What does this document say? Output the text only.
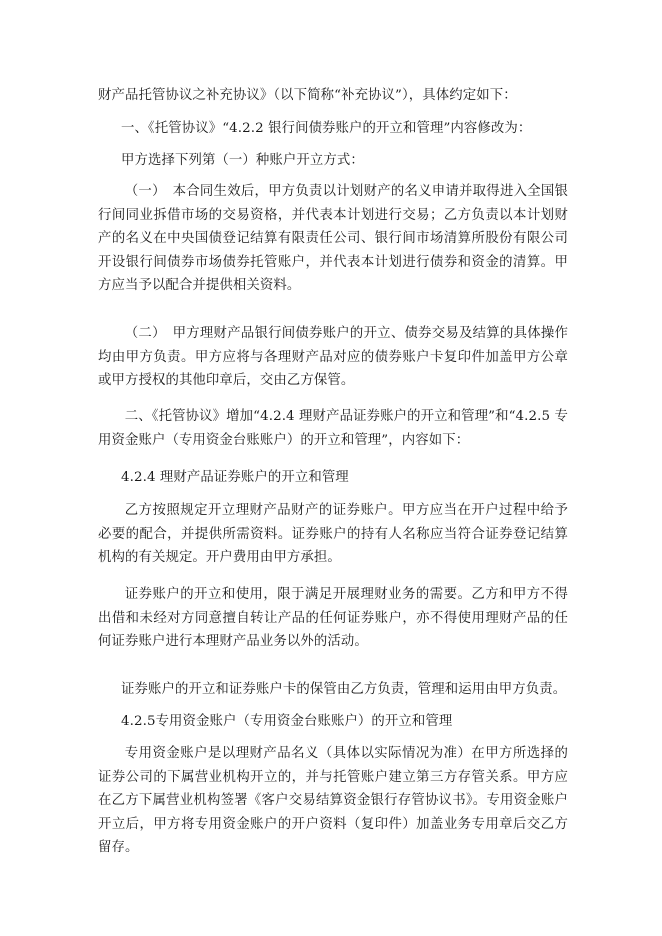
财产品托管协议之补充协议》（以下简称“补充协议”），具体约定如下：

一、《托管协议》“4.2.2 银行间债券账户的开立和管理”内容修改为：

甲方选择下列第（一）种账户开立方式：

（一）　本合同生效后，甲方负责以计划财产的名义申请并取得进入全国银行间同业拆借市场的交易资格，并代表本计划进行交易；乙方负责以本计划财产的名义在中央国债登记结算有限责任公司、银行间市场清算所股份有限公司开设银行间债券市场债券托管账户，并代表本计划进行债券和资金的清算。甲方应当予以配合并提供相关资料。

（二）　甲方理财产品银行间债券账户的开立、债券交易及结算的具体操作均由甲方负责。甲方应将与各理财产品对应的债券账户卡复印件加盖甲方公章或甲方授权的其他印章后，交由乙方保管。

二、《托管协议》增加“4.2.4 理财产品证券账户的开立和管理”和“4.2.5 专用资金账户（专用资金台账账户）的开立和管理”，内容如下：

4.2.4 理财产品证券账户的开立和管理

乙方按照规定开立理财产品财产的证券账户。甲方应当在开户过程中给予必要的配合，并提供所需资料。证券账户的持有人名称应当符合证券登记结算机构的有关规定。开户费用由甲方承担。

证券账户的开立和使用，限于满足开展理财业务的需要。乙方和甲方不得出借和未经对方同意擅自转让产品的任何证券账户，亦不得使用理财产品的任何证券账户进行本理财产品业务以外的活动。

证券账户的开立和证券账户卡的保管由乙方负责，管理和运用由甲方负责。

4.2.5专用资金账户（专用资金台账账户）的开立和管理

专用资金账户是以理财产品名义（具体以实际情况为准）在甲方所选择的证券公司的下属营业机构开立的，并与托管账户建立第三方存管关系。甲方应在乙方下属营业机构签署《客户交易结算资金银行存管协议书》。专用资金账户开立后，甲方将专用资金账户的开户资料（复印件）加盖业务专用章后交乙方留存。
